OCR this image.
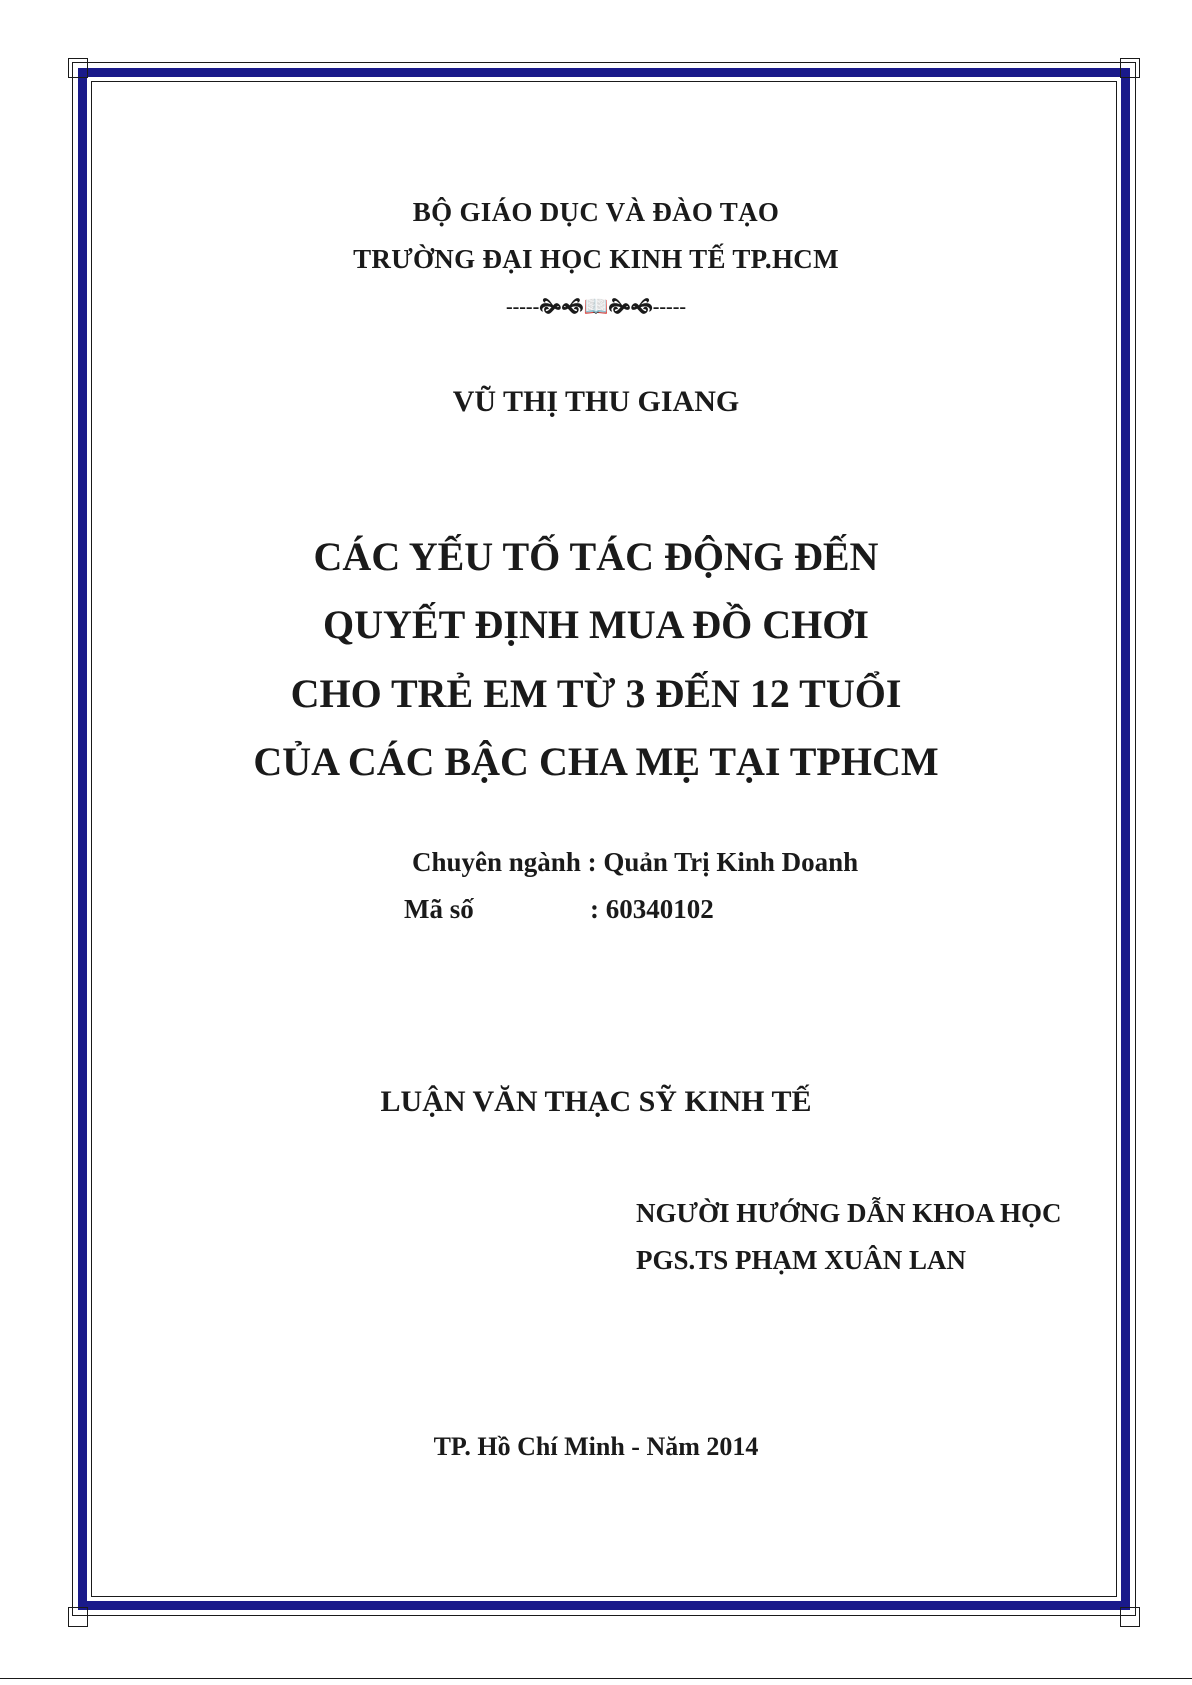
BỘ GIÁO DỤC VÀ ĐÀO TẠO
TRƯỜNG ĐẠI HỌC KINH TẾ TP.HCM
-----🙞🙜📖🙞🙜-----
VŨ THỊ THU GIANG
CÁC YẾU TỐ TÁC ĐỘNG ĐẾN
QUYẾT ĐỊNH MUA ĐỒ CHƠI
CHO TRẺ EM TỪ 3 ĐẾN 12 TUỔI
CỦA CÁC BẬC CHA MẸ TẠI TPHCM
Chuyên ngành : Quản Trị Kinh Doanh
Mã số	: 60340102
LUẬN VĂN THẠC SỸ KINH TẾ
NGƯỜI HƯỚNG DẪN KHOA HỌC
PGS.TS PHẠM XUÂN LAN
TP. Hồ Chí Minh - Năm 2014
